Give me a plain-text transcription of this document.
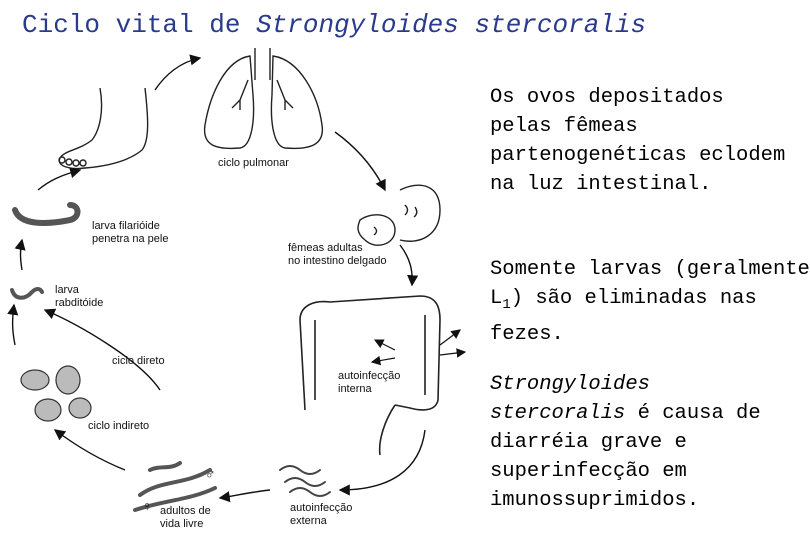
Ciclo vital de Strongyloides stercoralis
Os ovos depositados pelas fêmeas partenogenéticas eclodem na luz intestinal.
Somente larvas (geralmente $L_1$) são eliminadas nas fezes.
Strongyloides stercoralis é causa de diarréia grave e superinfecção em imunossuprimidos.
ciclo pulmonar
fêmeas adultas
no intestino delgado
larva filarióide
penetra na pele
larva
rabditóide
ciclo direto
ciclo indireto
autoinfecção
interna
autoinfecção
externa
adultos de
vida livre
♂
♀
